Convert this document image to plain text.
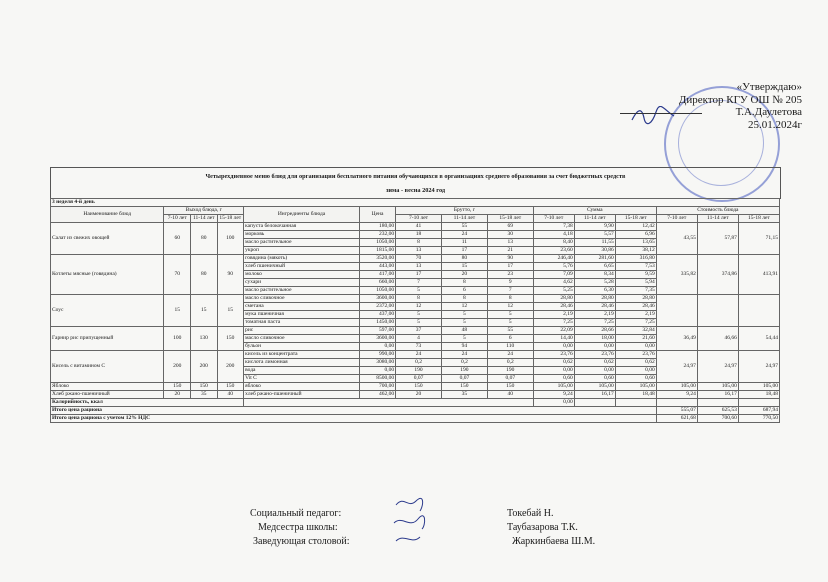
«Утверждаю»
Директор КГУ ОШ № 205
Т.А.Даулетова
25.01.2024г
Четырехдневное меню блюд для организации бесплатного питания обучающихся в организациях среднего образования за счет бюджетных средств
зима - весна 2024 год
3 неделя 4-й день														
Наименование блюд	Выход блюда, г			Ингредиенты блюда	Цена	Брутто, г			Сумма			Стоимость блюда		
	7-10 лет	11-14 лет	15-18 лет			7-10 лет	11-14 лет	15-18 лет	7-10 лет	11-14 лет	15-18 лет	7-10 лет	11-14 лет	15-18 лет
Салат из свежих овощей	60	80	100	капуста белокочанная	180,00	41	55	69	7,38	9,90	12,42	43,55	57,87	71,15
				морковь	232,00	18	24	30	4,18	5,57	6,96			
				масло растительное	1050,00	8	11	13	8,40	11,55	13,65			
				укроп	1815,00	13	17	21	23,60	30,86	38,12			
Котлеты мясные (говядина)	70	80	90	говядина (мякоть)	3520,00	70	80	90	246,40	281,60	316,80	335,82	374,86	413,91
				хлеб пшеничный	443,00	13	15	17	5,76	6,65	7,53			
				молоко	417,00	17	20	23	7,09	8,34	9,59			
				сухари	660,00	7	8	9	4,62	5,28	5,94			
				масло растительное	1050,00	5	6	7	5,25	6,30	7,35			
Соус	15	15	15	масло сливочное	3600,00	8	8	8	28,80	28,80	28,80			
				сметана	2372,00	12	12	12	28,46	28,46	28,46			
				мука пшеничная	437,00	5	5	5	2,19	2,19	2,19			
				томатная паста	1450,00	5	5	5	7,25	7,25	7,25			
Гарнир рис припущенный	100	130	150	рис	597,00	37	48	55	22,09	28,66	32,84	36,49	46,66	54,44
				масло сливочное	3600,00	4	5	6	14,40	18,00	21,60			
				бульон	0,00	73	94	110	0,00	0,00	0,00			
Кисель с витамином С	200	200	200	кисель из концентрата	990,00	24	24	24	23,76	23,76	23,76	24,97	24,97	24,97
				кислота лимонная	3080,00	0,2	0,2	0,2	0,62	0,62	0,62			
				вода	0,00	190	190	190	0,00	0,00	0,00			
				Vit C	8500,00	0,07	0,07	0,07	0,60	0,60	0,60			
Яблоко	150	150	150	яблоко	700,00	150	150	150	105,00	105,00	105,00	105,00	105,00	105,00
Хлеб ржано-пшеничный	20	35	40	хлеб ржано-пшеничный	462,00	20	35	40	9,24	16,17	18,48	9,24	16,17	18,48
Калорийность, ккал									0,00					
Итого цена рациона												555,07	625,53	687,94
Итого цена рациона с учетом 12% НДС												621,68	700,60	770,50
Социальный педагог:	Токебай Н.
Медсестра школы:	Таубазарова Т.К.
Заведующая столовой:	Жаркинбаева Ш.М.
